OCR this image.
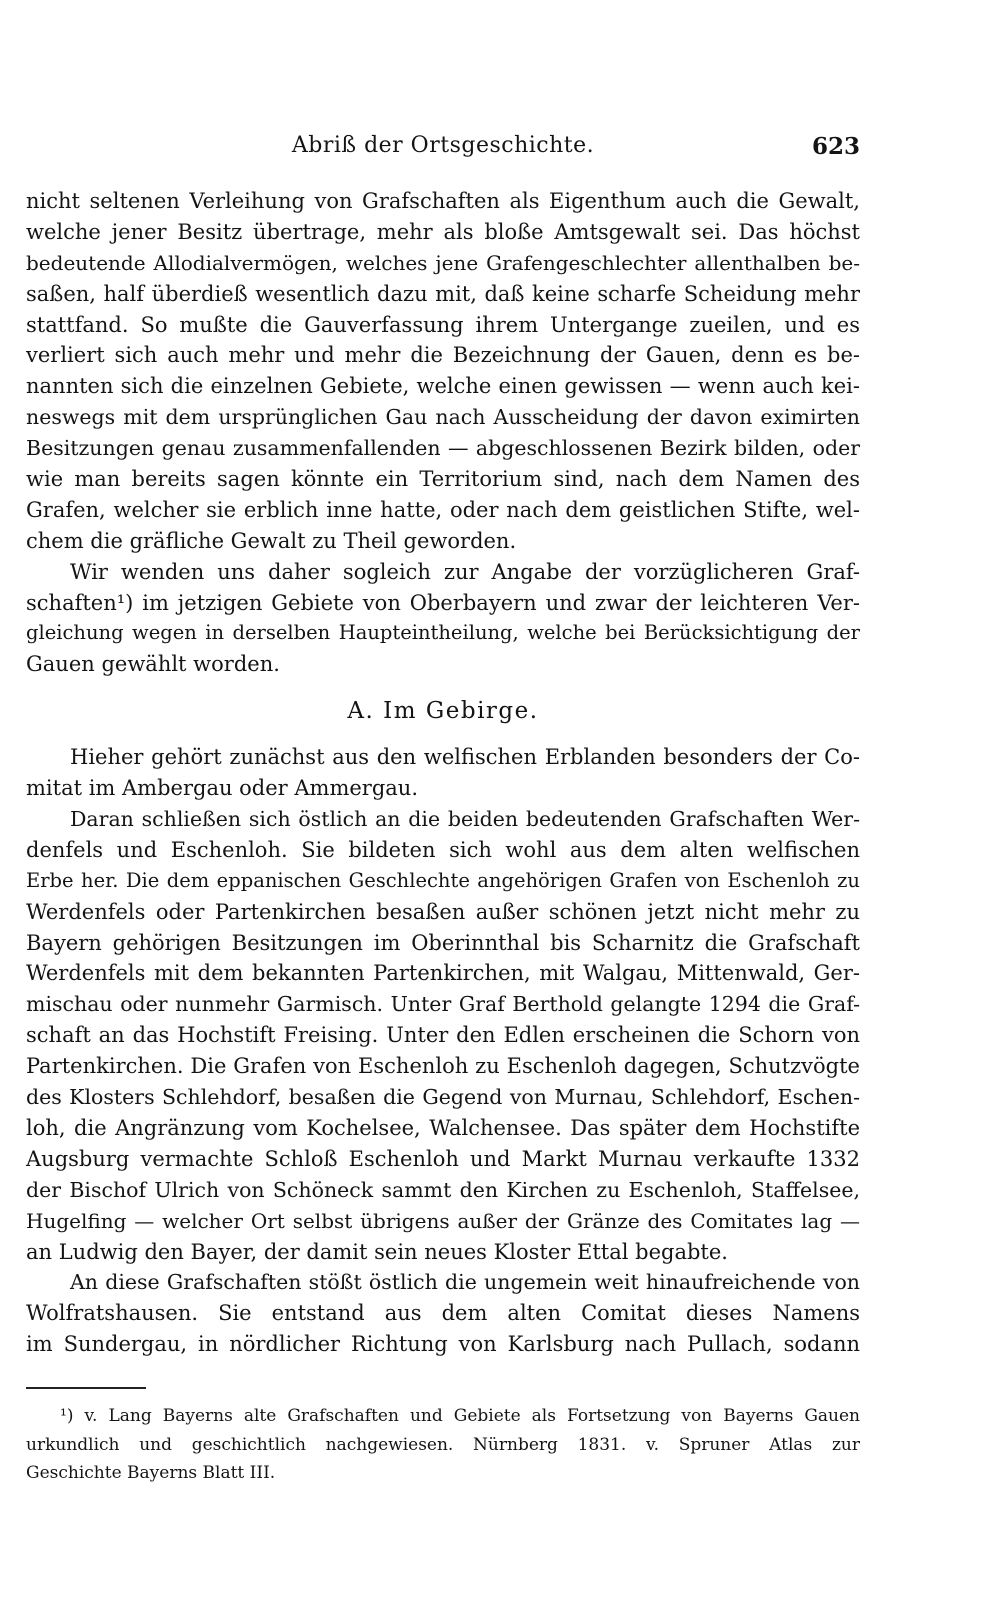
Abriß der Ortsgeschichte.	623
nicht seltenen Verleihung von Grafschaften als Eigenthum auch die Gewalt,
welche jener Besitz übertrage, mehr als bloße Amtsgewalt sei. Das höchst
bedeutende Allodialvermögen, welches jene Grafengeschlechter allenthalben be-
saßen, half überdieß wesentlich dazu mit, daß keine scharfe Scheidung mehr
stattfand. So mußte die Gauverfassung ihrem Untergange zueilen, und es
verliert sich auch mehr und mehr die Bezeichnung der Gauen, denn es be-
nannten sich die einzelnen Gebiete, welche einen gewissen — wenn auch kei-
neswegs mit dem ursprünglichen Gau nach Ausscheidung der davon eximirten
Besitzungen genau zusammenfallenden — abgeschlossenen Bezirk bilden, oder
wie man bereits sagen könnte ein Territorium sind, nach dem Namen des
Grafen, welcher sie erblich inne hatte, oder nach dem geistlichen Stifte, wel-
chem die gräfliche Gewalt zu Theil geworden.
Wir wenden uns daher sogleich zur Angabe der vorzüglicheren Graf-
schaften¹) im jetzigen Gebiete von Oberbayern und zwar der leichteren Ver-
gleichung wegen in derselben Haupteintheilung, welche bei Berücksichtigung der
Gauen gewählt worden.
A. Im Gebirge.
Hieher gehört zunächst aus den welfischen Erblanden besonders der Co-
mitat im Ambergau oder Ammergau.
Daran schließen sich östlich an die beiden bedeutenden Grafschaften Wer-
denfels und Eschenloh. Sie bildeten sich wohl aus dem alten welfischen
Erbe her. Die dem eppanischen Geschlechte angehörigen Grafen von Eschenloh zu
Werdenfels oder Partenkirchen besaßen außer schönen jetzt nicht mehr zu
Bayern gehörigen Besitzungen im Oberinnthal bis Scharnitz die Grafschaft
Werdenfels mit dem bekannten Partenkirchen, mit Walgau, Mittenwald, Ger-
mischau oder nunmehr Garmisch. Unter Graf Berthold gelangte 1294 die Graf-
schaft an das Hochstift Freising. Unter den Edlen erscheinen die Schorn von
Partenkirchen. Die Grafen von Eschenloh zu Eschenloh dagegen, Schutzvögte
des Klosters Schlehdorf, besaßen die Gegend von Murnau, Schlehdorf, Eschen-
loh, die Angränzung vom Kochelsee, Walchensee. Das später dem Hochstifte
Augsburg vermachte Schloß Eschenloh und Markt Murnau verkaufte 1332
der Bischof Ulrich von Schöneck sammt den Kirchen zu Eschenloh, Staffelsee,
Hugelfing — welcher Ort selbst übrigens außer der Gränze des Comitates lag —
an Ludwig den Bayer, der damit sein neues Kloster Ettal begabte.
An diese Grafschaften stößt östlich die ungemein weit hinaufreichende von
Wolfratshausen. Sie entstand aus dem alten Comitat dieses Namens
im Sundergau, in nördlicher Richtung von Karlsburg nach Pullach, sodann
¹) v. Lang Bayerns alte Grafschaften und Gebiete als Fortsetzung von Bayerns Gauen
urkundlich und geschichtlich nachgewiesen. Nürnberg 1831. v. Spruner Atlas zur
Geschichte Bayerns Blatt III.
